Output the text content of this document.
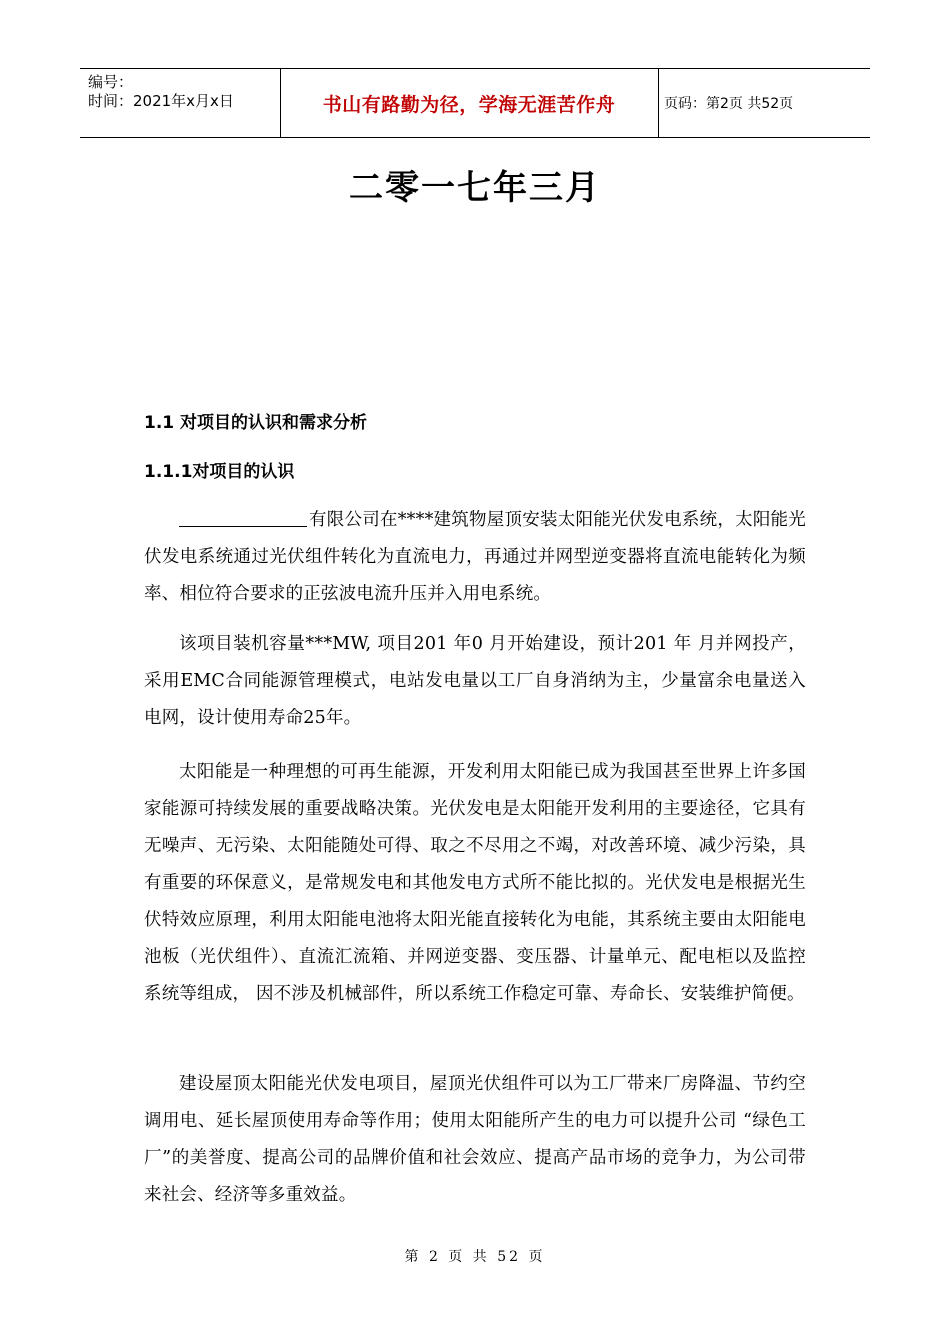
编号：
时间：2021年x月x日	书山有路勤为径，学海无涯苦作舟	页码：第2页 共52页
二零一七年三月
1.1 对项目的认识和需求分析
1.1.1对项目的认识
有限公司在****建筑物屋顶安装太阳能光伏发电系统，太阳能光伏发电系统通过光伏组件转化为直流电力，再通过并网型逆变器将直流电能转化为频率、相位符合要求的正弦波电流升压并入用电系统。
该项目装机容量***MW, 项目201 年0 月开始建设，预计201 年 月并网投产，采用EMC合同能源管理模式，电站发电量以工厂自身消纳为主，少量富余电量送入电网，设计使用寿命25年。
太阳能是一种理想的可再生能源，开发利用太阳能已成为我国甚至世界上许多国家能源可持续发展的重要战略决策。光伏发电是太阳能开发利用的主要途径，它具有无噪声、无污染、太阳能随处可得、取之不尽用之不竭，对改善环境、减少污染，具有重要的环保意义，是常规发电和其他发电方式所不能比拟的。光伏发电是根据光生伏特效应原理，利用太阳能电池将太阳光能直接转化为电能，其系统主要由太阳能电池板（光伏组件）、直流汇流箱、并网逆变器、变压器、计量单元、配电柜以及监控系统等组成， 因不涉及机械部件，所以系统工作稳定可靠、寿命长、安装维护简便。
建设屋顶太阳能光伏发电项目，屋顶光伏组件可以为工厂带来厂房降温、节约空调用电、延长屋顶使用寿命等作用；使用太阳能所产生的电力可以提升公司 “绿色工厂”的美誉度、提高公司的品牌价值和社会效应、提高产品市场的竞争力，为公司带来社会、经济等多重效益。
第 2 页 共 52 页
